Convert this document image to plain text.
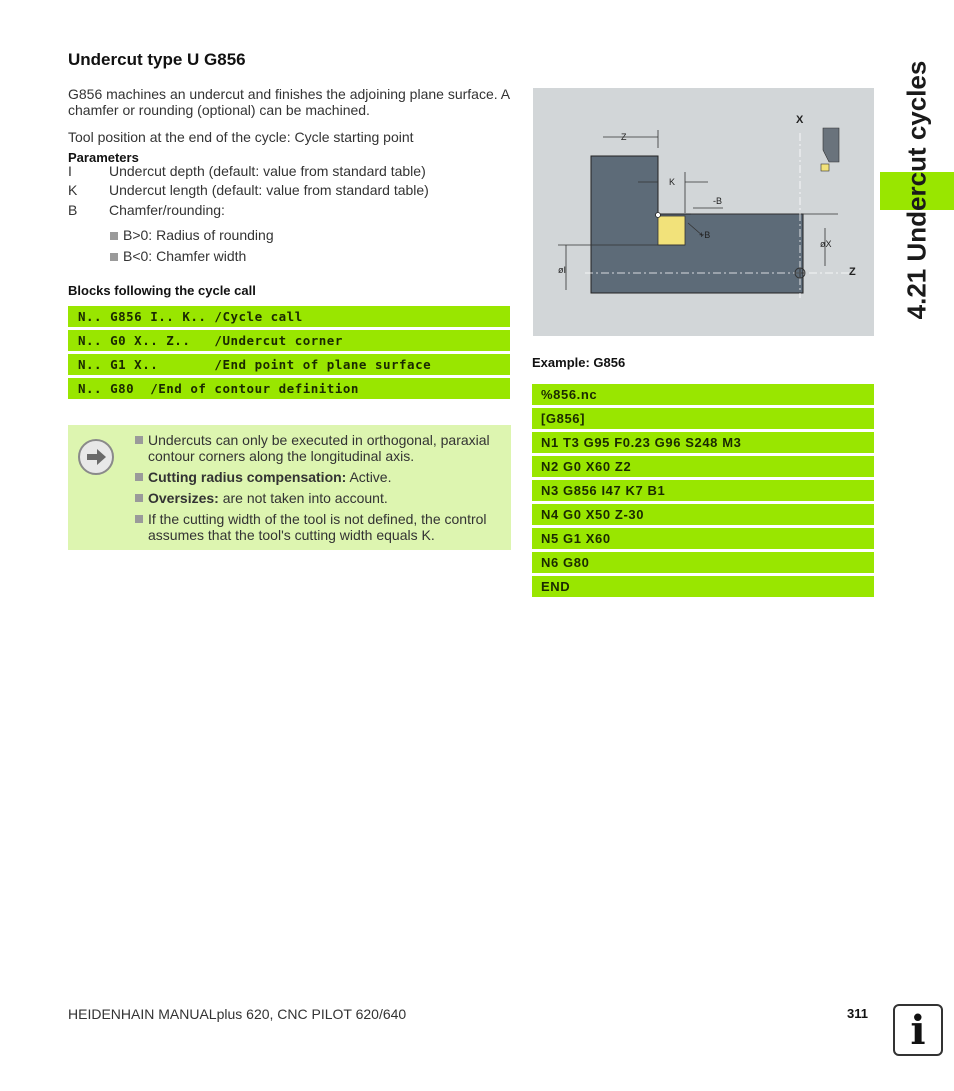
Undercut type U G856
G856 machines an undercut and finishes the adjoining plane surface. A chamfer or rounding (optional) can be machined.
Tool position at the end of the cycle: Cycle starting point
Parameters
I	Undercut depth (default: value from standard table)
K	Undercut length (default: value from standard table)
B	Chamfer/rounding:
B>0: Radius of rounding
B<0: Chamfer width
Blocks following the cycle call
N.. G856 I.. K.. /Cycle call
N.. G0 X.. Z..   /Undercut corner
N.. G1 X..       /End point of plane surface
N.. G80  /End of contour definition
Undercuts can only be executed in orthogonal, paraxial contour corners along the longitudinal axis.
Cutting radius compensation: Active.
Oversizes: are not taken into account.
If the cutting width of the tool is not defined, the control assumes that the tool's cutting width equals K.
Z
X
K
-B
+B
øI
øX
Z
Example: G856
%856.nc
[G856]
N1 T3 G95 F0.23 G96 S248 M3
N2 G0 X60 Z2
N3 G856 I47 K7 B1
N4 G0 X50 Z-30
N5 G1 X60
N6 G80
END
4.21 Undercut cycles
HEIDENHAIN MANUALplus 620, CNC PILOT 620/640	311	i
